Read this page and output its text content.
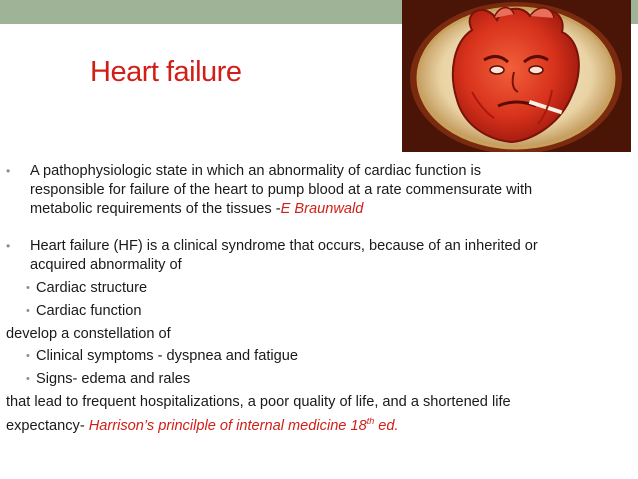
Heart failure
• A pathophysiologic state in which an abnormality of cardiac function is
responsible for failure of the heart to pump blood at a rate commensurate with
metabolic requirements of the tissues -E Braunwald
• Heart failure (HF) is a clinical syndrome that occurs, because of an inherited or
acquired abnormality of
• Cardiac structure
• Cardiac function
develop a constellation of
• Clinical symptoms - dyspnea and fatigue
• Signs- edema and rales
that lead to frequent hospitalizations, a poor quality of life, and a shortened life
expectancy- Harrison’s princilple of internal medicine 18th ed.
